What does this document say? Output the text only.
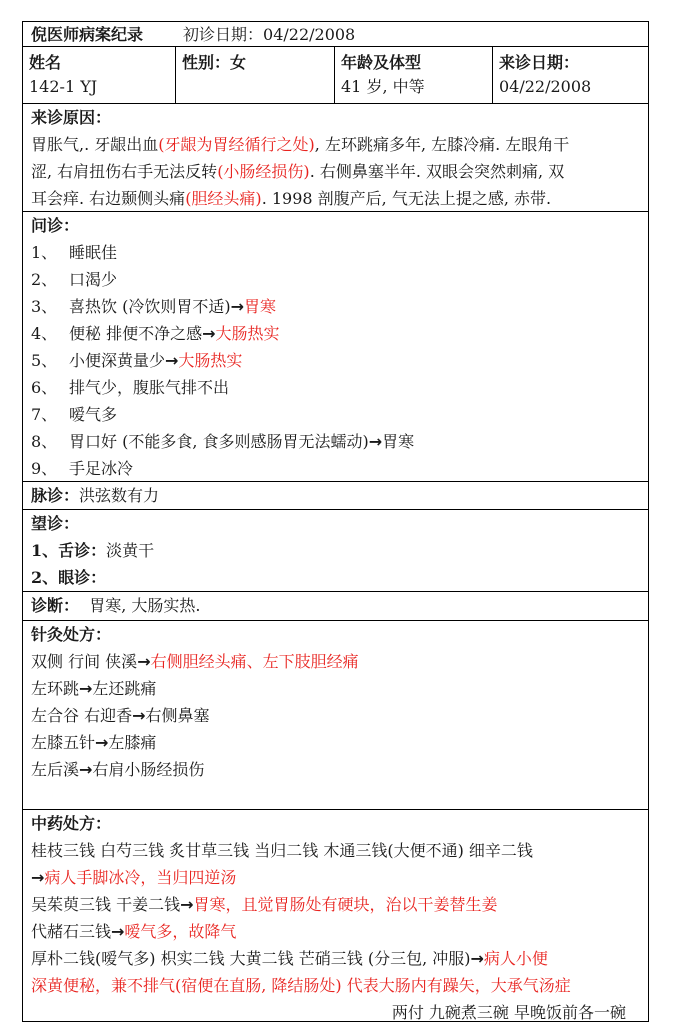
倪医师病案纪录	初诊日期：04/22/2008
姓名
142-1 YJ
性别：女	年龄及体型
41 岁, 中等
来诊日期：
04/22/2008
来诊原因：
胃胀气,. 牙龈出血(牙龈为胃经循行之处), 左环跳痛多年, 左膝冷痛. 左眼角干
涩, 右肩扭伤右手无法反转(小肠经损伤). 右侧鼻塞半年. 双眼会突然刺痛, 双
耳会痒. 右边颞侧头痛(胆经头痛). 1998 剖腹产后, 气无法上提之感, 赤带.
问诊：
1、 睡眠佳
2、 口渴少
3、 喜热饮 (冷饮则胃不适)→胃寒
4、 便秘 排便不净之感→大肠热实
5、 小便深黄量少→大肠热实
6、 排气少，腹胀气排不出
7、 嗳气多
8、 胃口好 (不能多食, 食多则感肠胃无法蠕动)→胃寒
9、 手足冰冷
脉诊：洪弦数有力
望诊：
1、舌诊：淡黄干
2、眼诊：
诊断： 胃寒, 大肠实热.
针灸处方：
双侧 行间 侠溪→右侧胆经头痛、左下肢胆经痛
左环跳→左还跳痛
左合谷 右迎香→右侧鼻塞
左膝五针→左膝痛
左后溪→右肩小肠经损伤
中药处方：
桂枝三钱 白芍三钱 炙甘草三钱 当归二钱 木通三钱(大便不通) 细辛二钱
→病人手脚冰冷，当归四逆汤
吴茱萸三钱 干姜二钱→胃寒，且觉胃肠处有硬块，治以干姜替生姜
代赭石三钱→嗳气多，故降气
厚朴二钱(嗳气多) 枳实二钱 大黄二钱 芒硝三钱 (分三包, 冲服)→病人小便
深黄便秘，兼不排气(宿便在直肠, 降结肠处) 代表大肠内有躁矢，大承气汤症
两付 九碗煮三碗 早晚饭前各一碗
